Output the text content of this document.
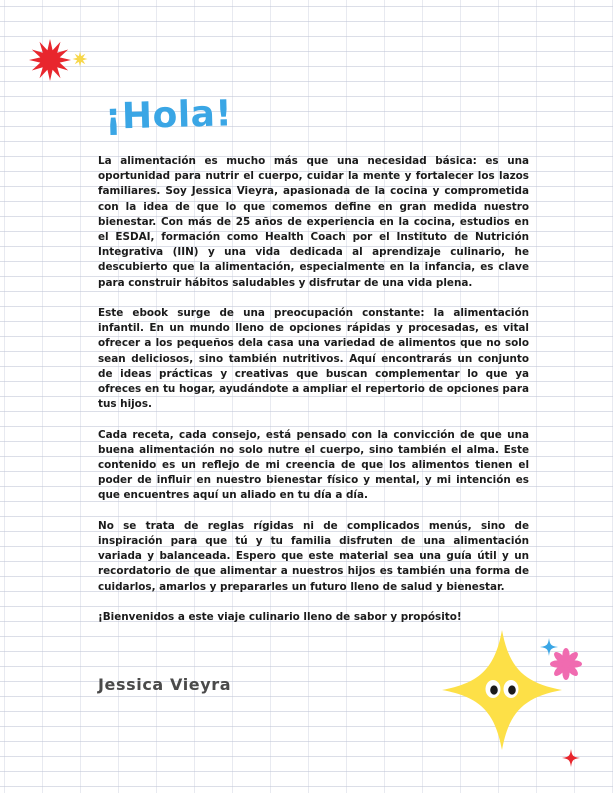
¡Hola!

La alimentación es mucho más que una necesidad básica: es una oportunidad para nutrir el cuerpo, cuidar la mente y fortalecer los lazos familiares. Soy Jessica Vieyra, apasionada de la cocina y comprometida con la idea de que lo que comemos define en gran medida nuestro bienestar. Con más de 25 años de experiencia en la cocina, estudios en el ESDAI, formación como Health Coach por el Instituto de Nutrición Integrativa (IIN) y una vida dedicada al aprendizaje culinario, he descubierto que la alimentación, especialmente en la infancia, es clave para construir hábitos saludables y disfrutar de una vida plena.

Este ebook surge de una preocupación constante: la alimentación infantil. En un mundo lleno de opciones rápidas y procesadas, es vital ofrecer a los pequeños dela casa una variedad de alimentos que no solo sean deliciosos, sino también nutritivos. Aquí encontrarás un conjunto de ideas prácticas y creativas que buscan complementar lo que ya ofreces en tu hogar, ayudándote a ampliar el repertorio de opciones para tus hijos.

Cada receta, cada consejo, está pensado con la convicción de que una buena alimentación no solo nutre el cuerpo, sino también el alma. Este contenido es un reflejo de mi creencia de que los alimentos tienen el poder de influir en nuestro bienestar físico y mental, y mi intención es que encuentres aquí un aliado en tu día a día.

No se trata de reglas rígidas ni de complicados menús, sino de inspiración para que tú y tu familia disfruten de una alimentación variada y balanceada. Espero que este material sea una guía útil y un recordatorio de que alimentar a nuestros hijos es también una forma de cuidarlos, amarlos y prepararles un futuro lleno de salud y bienestar.

¡Bienvenidos a este viaje culinario lleno de sabor y propósito!

Jessica Vieyra
